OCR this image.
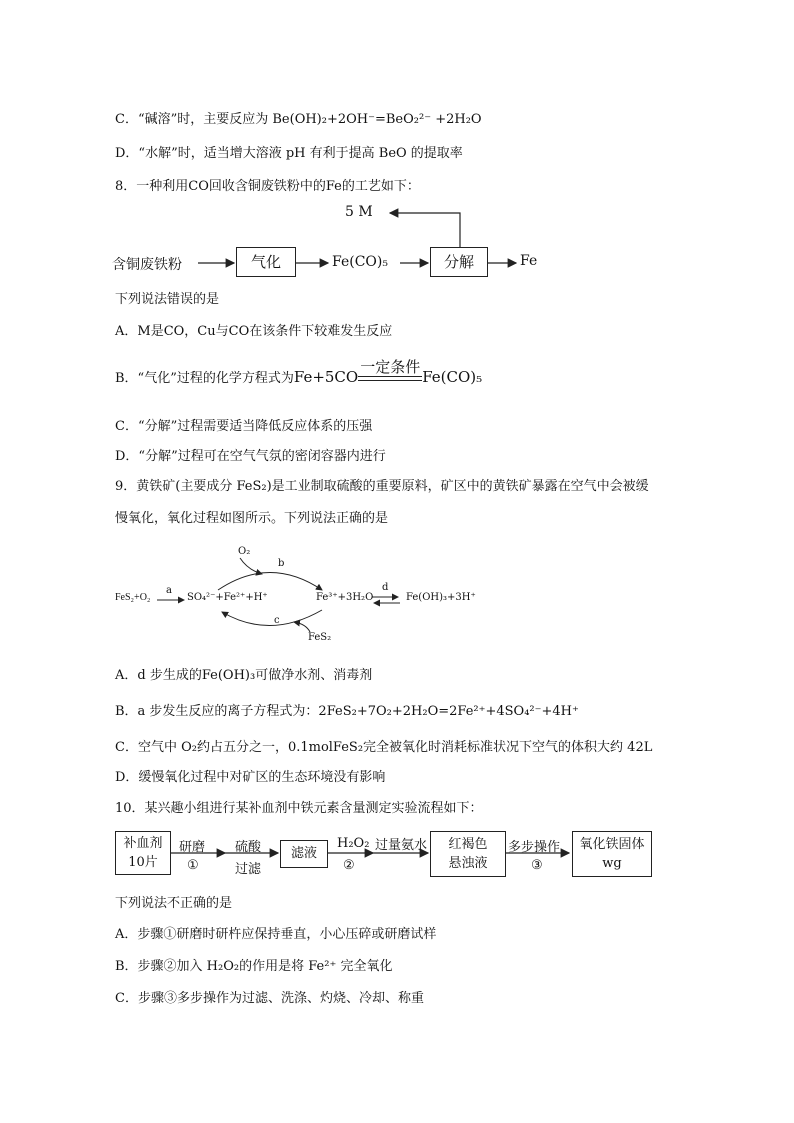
C．“碱溶”时，主要反应为 Be(OH)₂+2OH⁻=BeO₂²⁻ +2H₂O
D．“水解”时，适当增大溶液 pH 有利于提高 BeO 的提取率
8．一种利用CO回收含铜废铁粉中的Fe的工艺如下：
5 M
含铜废铁粉	气化	Fe(CO)₅	分解	Fe
下列说法错误的是
A．M是CO，Cu与CO在该条件下较难发生反应
B．“气化”过程的化学方程式为Fe+5CO
一定条件
Fe(CO)₅
C．“分解”过程需要适当降低反应体系的压强
D．“分解”过程可在空气气氛的密闭容器内进行
9．黄铁矿(主要成分 FeS₂)是工业制取硫酸的重要原料，矿区中的黄铁矿暴露在空气中会被缓
慢氧化，氧化过程如图所示。下列说法正确的是
FeS₂+O₂
a
SO₄²⁻+Fe²⁺+H⁺
O₂
b
Fe³⁺+3H₂O
d
Fe(OH)₃+3H⁺
c
FeS₂
A．d 步生成的Fe(OH)₃可做净水剂、消毒剂
B．a 步发生反应的离子方程式为：2FeS₂+7O₂+2H₂O=2Fe²⁺+4SO₄²⁻+4H⁺
C．空气中 O₂约占五分之一，0.1molFeS₂完全被氧化时消耗标准状况下空气的体积大约 42L
D．缓慢氧化过程中对矿区的生态环境没有影响
10．某兴趣小组进行某补血剂中铁元素含量测定实验流程如下：
补血剂
10片
研磨
①
硫酸
过滤
滤液
H₂O₂
②
过量氨水	红褐色
悬浊液
多步操作
③
氧化铁固体
wg
下列说法不正确的是
A．步骤①研磨时研杵应保持垂直，小心压碎或研磨试样
B．步骤②加入 H₂O₂的作用是将 Fe²⁺ 完全氧化
C．步骤③多步操作为过滤、洗涤、灼烧、冷却、称重
